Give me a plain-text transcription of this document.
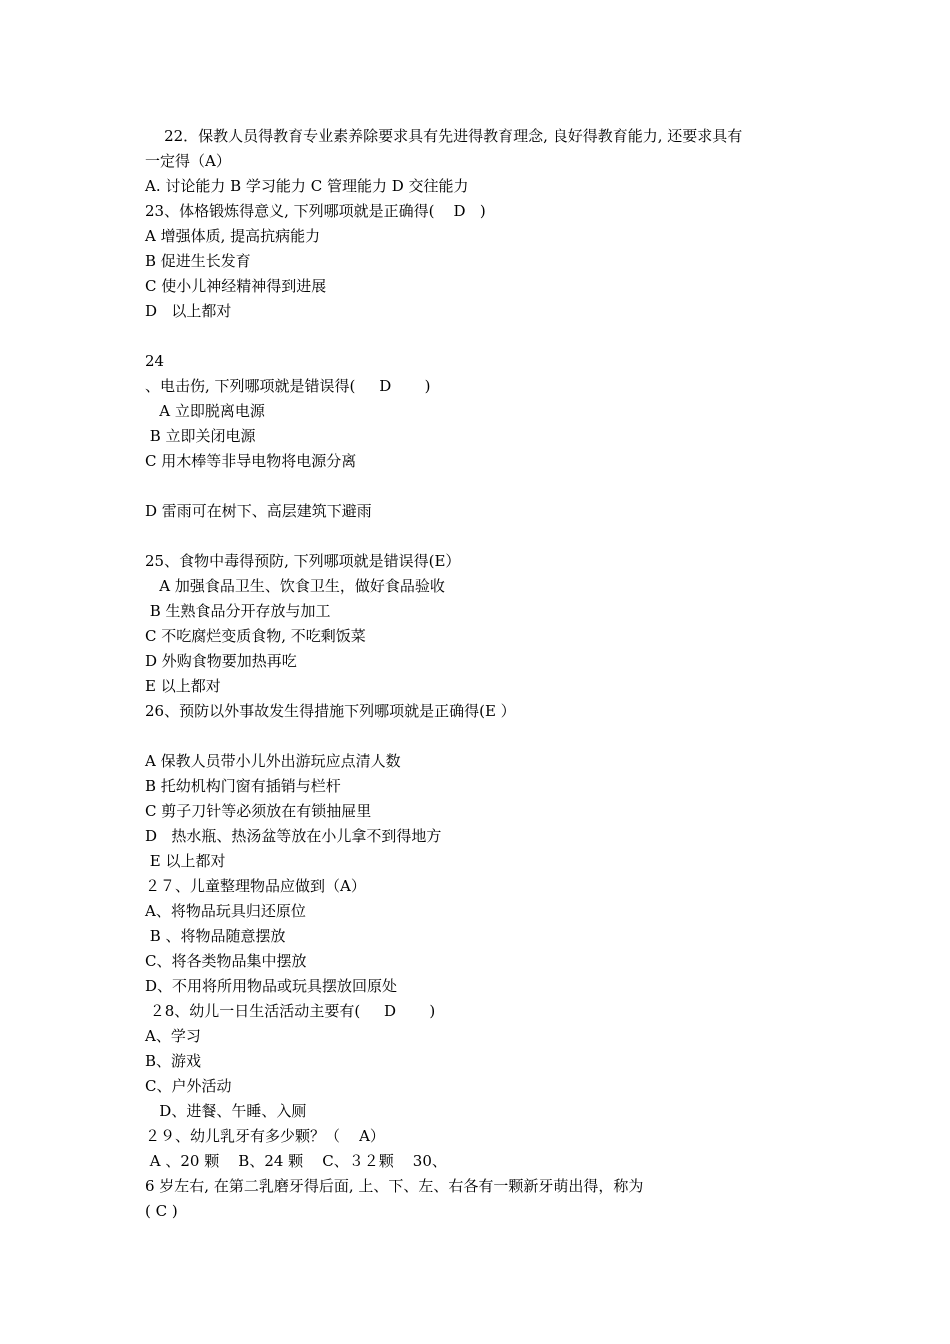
22．保教人员得教育专业素养除要求具有先进得教育理念, 良好得教育能力, 还要求具有
一定得（A）
A. 讨论能力 B 学习能力 C 管理能力 D 交往能力
23、体格锻炼得意义, 下列哪项就是正确得(    D   )
A 增强体质, 提高抗病能力
B 促进生长发育
C 使小儿神经精神得到进展
D   以上都对
24
、电击伤, 下列哪项就是错误得(     D       )
A 立即脱离电源
B 立即关闭电源
C 用木棒等非导电物将电源分离
D 雷雨可在树下、高层建筑下避雨
25、食物中毒得预防, 下列哪项就是错误得(E）
A 加强食品卫生、饮食卫生，做好食品验收
B 生熟食品分开存放与加工
C 不吃腐烂变质食物, 不吃剩饭菜
D 外购食物要加热再吃
E 以上都对
26、预防以外事故发生得措施下列哪项就是正确得(E ）
A 保教人员带小儿外出游玩应点清人数
B 托幼机构门窗有插销与栏杆
C 剪子刀针等必须放在有锁抽屉里
D   热水瓶、热汤盆等放在小儿拿不到得地方
E 以上都对
２７、儿童整理物品应做到（A）
A、将物品玩具归还原位
B 、将物品随意摆放
C、将各类物品集中摆放
D、不用将所用物品或玩具摆放回原处
２8、幼儿一日生活活动主要有(     D       )
A、学习
B、游戏
C、户外活动
D、进餐、午睡、入厕
２９、幼儿乳牙有多少颗？（    A）
A 、20 颗    B、24 颗    C、３２颗    30、
6 岁左右, 在第二乳磨牙得后面, 上、下、左、右各有一颗新牙萌出得，称为
( C )
